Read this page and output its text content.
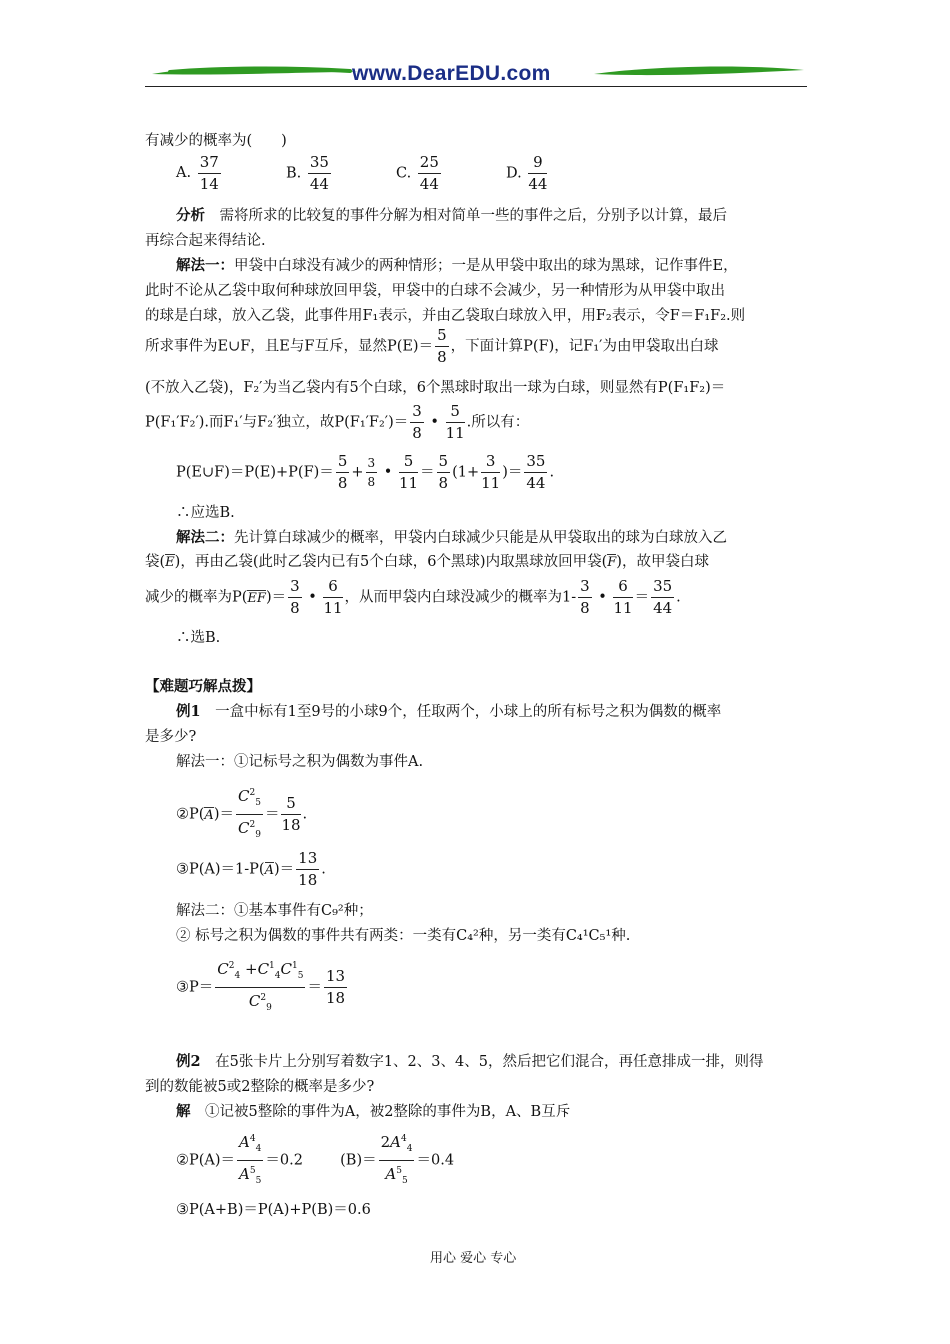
www.DearEDU.com
有减少的概率为(　　)
A. $\frac{37}{14}$	B. $\frac{35}{44}$	C. $\frac{25}{44}$	D. $\frac{9}{44}$
分析　需将所求的比较复的事件分解为相对简单一些的事件之后，分别予以计算，最后
再综合起来得结论.
解法一：甲袋中白球没有减少的两种情形；一是从甲袋中取出的球为黑球，记作事件E，
此时不论从乙袋中取何种球放回甲袋，甲袋中的白球不会减少，另一种情形为从甲袋中取出
的球是白球，放入乙袋，此事件用F₁表示，并由乙袋取白球放入甲，用F₂表示，令F＝F₁F₂.则
所求事件为E∪F，且E与F互斥，显然$P(E)= \frac{5}{8}$ ，下面计算P(F)，记F₁′为由甲袋取出白球
(不放入乙袋)，F₂′为当乙袋内有5个白球，6个黑球时取出一球为白球，则显然有P(F₁F₂)＝
P(F₁′F₂′).而F₁′与F₂′独立，故$P(F_1'F_2')= \frac{3}{8}$ • $\frac{5}{11}$ .所以有：
P(E∪F)＝P(E)+P(F)＝ $\frac{5}{8} + \frac{3}{8}$ • $\frac{5}{11} = \frac{5}{8} (1+ \frac{3}{11}$ )＝ $\frac{35}{44}$ .
∴应选B.
解法二：先计算白球减少的概率，甲袋内白球减少只能是从甲袋取出的球为白球放入乙
袋(E)，再由乙袋(此时乙袋内已有5个白球，6个黑球)内取黑球放回甲袋(F)，故甲袋白球
减少的概率为$P(EF)= \frac{3}{8}$ • $\frac{6}{11}$ ，从而甲袋内白球没减少的概率为$1- \frac{3}{8}$ • $\frac{6}{11} = \frac{35}{44}$ .
∴选B.
【难题巧解点拨】
例1　一盒中标有1至9号的小球9个，任取两个，小球上的所有标号之积为偶数的概率
是多少?
解法一：①记标号之积为偶数为事件A.
②P(A)＝ $\frac{C^2_5}{C^2_9} = \frac{5}{18}$ .
③P(A)＝1-P(A)＝ $\frac{13}{18}$ .
解法二：①基本事件有C₉²种；
② 标号之积为偶数的事件共有两类：一类有C₄²种，另一类有C₄¹C₅¹种.
③P＝ $\frac{C^2_4 +C^1_4C^1_5}{C^2_9} = \frac{13}{18}$
例2　在5张卡片上分别写着数字1、2、3、4、5，然后把它们混合，再任意排成一排，则得
到的数能被5或2整除的概率是多少?
解　①记被5整除的事件为A，被2整除的事件为B，A、B互斥
②P(A)＝ $\frac{A^4_4}{A^5_5} =0.2$	$(B)= \frac{2A^4_4}{A^5_5} =0.4$
③P(A+B)＝P(A)+P(B)＝0.6
用心 爱心 专心
